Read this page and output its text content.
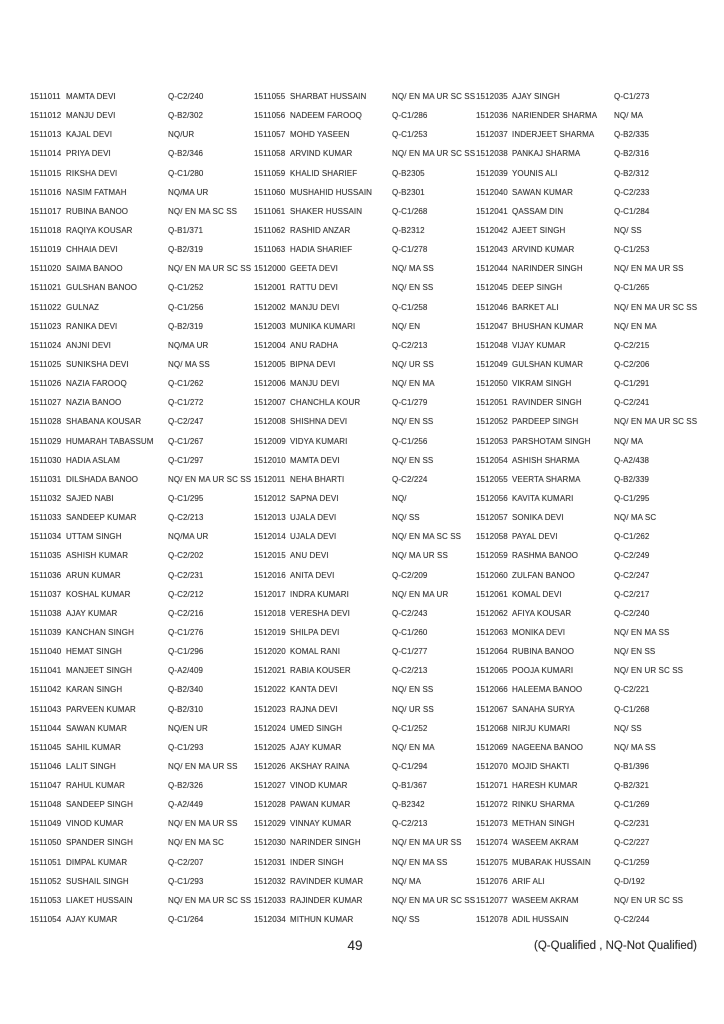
1511011 MAMTA DEVI	Q-C2/240
1511012 MANJU DEVI	Q-B2/302
1511013 KAJAL DEVI	NQ/UR
1511014 PRIYA DEVI	Q-B2/346
1511015 RIKSHA DEVI	Q-C1/280
1511016 NASIM FATMAH	NQ/MA UR
1511017 RUBINA BANOO	NQ/ EN MA SC SS
1511018 RAQIYA KOUSAR	Q-B1/371
1511019 CHHAIA DEVI	Q-B2/319
1511020 SAIMA BANOO	NQ/ EN MA UR SC SS
1511021 GULSHAN BANOO	Q-C1/252
1511022 GULNAZ	Q-C1/256
1511023 RANIKA DEVI	Q-B2/319
1511024 ANJNI DEVI	NQ/MA UR
1511025 SUNIKSHA DEVI	NQ/ MA SS
1511026 NAZIA FAROOQ	Q-C1/262
1511027 NAZIA BANOO	Q-C1/272
1511028 SHABANA KOUSAR	Q-C2/247
1511029 HUMARAH TABASSUM	Q-C1/267
1511030 HADIA ASLAM	Q-C1/297
1511031 DILSHADA BANOO	NQ/ EN MA UR SC SS
1511032 SAJED NABI	Q-C1/295
1511033 SANDEEP KUMAR	Q-C2/213
1511034 UTTAM SINGH	NQ/MA UR
1511035 ASHISH KUMAR	Q-C2/202
1511036 ARUN KUMAR	Q-C2/231
1511037 KOSHAL KUMAR	Q-C2/212
1511038 AJAY KUMAR	Q-C2/216
1511039 KANCHAN SINGH	Q-C1/276
1511040 HEMAT SINGH	Q-C1/296
1511041 MANJEET SINGH	Q-A2/409
1511042 KARAN SINGH	Q-B2/340
1511043 PARVEEN KUMAR	Q-B2/310
1511044 SAWAN KUMAR	NQ/EN UR
1511045 SAHIL KUMAR	Q-C1/293
1511046 LALIT SINGH	NQ/ EN MA UR SS
1511047 RAHUL KUMAR	Q-B2/326
1511048 SANDEEP SINGH	Q-A2/449
1511049 VINOD KUMAR	NQ/ EN MA UR SS
1511050 SPANDER SINGH	NQ/ EN MA SC
1511051 DIMPAL KUMAR	Q-C2/207
1511052 SUSHAIL SINGH	Q-C1/293
1511053 LIAKET HUSSAIN	NQ/ EN MA UR SC SS
1511054 AJAY KUMAR	Q-C1/264
1511055 SHARBAT HUSSAIN	NQ/ EN MA UR SC SS
1511056 NADEEM FAROOQ	Q-C1/286
1511057 MOHD YASEEN	Q-C1/253
1511058 ARVIND KUMAR	NQ/ EN MA UR SC SS
1511059 KHALID SHARIEF	Q-B2305
1511060 MUSHAHID HUSSAIN	Q-B2301
1511061 SHAKER HUSSAIN	Q-C1/268
1511062 RASHID ANZAR	Q-B2312
1511063 HADIA SHARIEF	Q-C1/278
1512000 GEETA DEVI	NQ/ MA SS
1512001 RATTU DEVI	NQ/ EN SS
1512002 MANJU DEVI	Q-C1/258
1512003 MUNIKA KUMARI	NQ/ EN
1512004 ANU RADHA	Q-C2/213
1512005 BIPNA DEVI	NQ/ UR SS
1512006 MANJU DEVI	NQ/ EN MA
1512007 CHANCHLA KOUR	Q-C1/279
1512008 SHISHNA DEVI	NQ/ EN SS
1512009 VIDYA KUMARI	Q-C1/256
1512010 MAMTA DEVI	NQ/ EN SS
1512011 NEHA BHARTI	Q-C2/224
1512012 SAPNA DEVI	NQ/
1512013 UJALA DEVI	NQ/ SS
1512014 UJALA DEVI	NQ/ EN MA SC SS
1512015 ANU DEVI	NQ/ MA UR SS
1512016 ANITA DEVI	Q-C2/209
1512017 INDRA KUMARI	NQ/ EN MA UR
1512018 VERESHA DEVI	Q-C2/243
1512019 SHILPA DEVI	Q-C1/260
1512020 KOMAL RANI	Q-C1/277
1512021 RABIA KOUSER	Q-C2/213
1512022 KANTA DEVI	NQ/ EN SS
1512023 RAJNA DEVI	NQ/ UR SS
1512024 UMED SINGH	Q-C1/252
1512025 AJAY KUMAR	NQ/ EN MA
1512026 AKSHAY RAINA	Q-C1/294
1512027 VINOD KUMAR	Q-B1/367
1512028 PAWAN KUMAR	Q-B2342
1512029 VINNAY KUMAR	Q-C2/213
1512030 NARINDER SINGH	NQ/ EN MA UR SS
1512031 INDER SINGH	NQ/ EN MA SS
1512032 RAVINDER KUMAR	NQ/ MA
1512033 RAJINDER KUMAR	NQ/ EN MA UR SC SS
1512034 MITHUN KUMAR	NQ/ SS
1512035 AJAY SINGH	Q-C1/273
1512036 NARIENDER SHARMA	NQ/ MA
1512037 INDERJEET SHARMA	Q-B2/335
1512038 PANKAJ SHARMA	Q-B2/316
1512039 YOUNIS ALI	Q-B2/312
1512040 SAWAN KUMAR	Q-C2/233
1512041 QASSAM DIN	Q-C1/284
1512042 AJEET SINGH	NQ/ SS
1512043 ARVIND KUMAR	Q-C1/253
1512044 NARINDER SINGH	NQ/ EN MA UR SS
1512045 DEEP SINGH	Q-C1/265
1512046 BARKET ALI	NQ/ EN MA UR SC SS
1512047 BHUSHAN KUMAR	NQ/ EN MA
1512048 VIJAY KUMAR	Q-C2/215
1512049 GULSHAN KUMAR	Q-C2/206
1512050 VIKRAM SINGH	Q-C1/291
1512051 RAVINDER SINGH	Q-C2/241
1512052 PARDEEP SINGH	NQ/ EN MA UR SC SS
1512053 PARSHOTAM SINGH	NQ/ MA
1512054 ASHISH SHARMA	Q-A2/438
1512055 VEERTA SHARMA	Q-B2/339
1512056 KAVITA KUMARI	Q-C1/295
1512057 SONIKA DEVI	NQ/ MA SC
1512058 PAYAL DEVI	Q-C1/262
1512059 RASHMA BANOO	Q-C2/249
1512060 ZULFAN BANOO	Q-C2/247
1512061 KOMAL DEVI	Q-C2/217
1512062 AFIYA KOUSAR	Q-C2/240
1512063 MONIKA DEVI	NQ/ EN MA SS
1512064 RUBINA BANOO	NQ/ EN SS
1512065 POOJA KUMARI	NQ/ EN UR SC SS
1512066 HALEEMA BANOO	Q-C2/221
1512067 SANAHA SURYA	Q-C1/268
1512068 NIRJU KUMARI	NQ/ SS
1512069 NAGEENA BANOO	NQ/ MA SS
1512070 MOJID SHAKTI	Q-B1/396
1512071 HARESH KUMAR	Q-B2/321
1512072 RINKU SHARMA	Q-C1/269
1512073 METHAN SINGH	Q-C2/231
1512074 WASEEM AKRAM	Q-C2/227
1512075 MUBARAK HUSSAIN	Q-C1/259
1512076 ARIF ALI	Q-D/192
1512077 WASEEM AKRAM	NQ/ EN UR SC SS
1512078 ADIL HUSSAIN	Q-C2/244
49	(Q-Qualified , NQ-Not Qualified)
